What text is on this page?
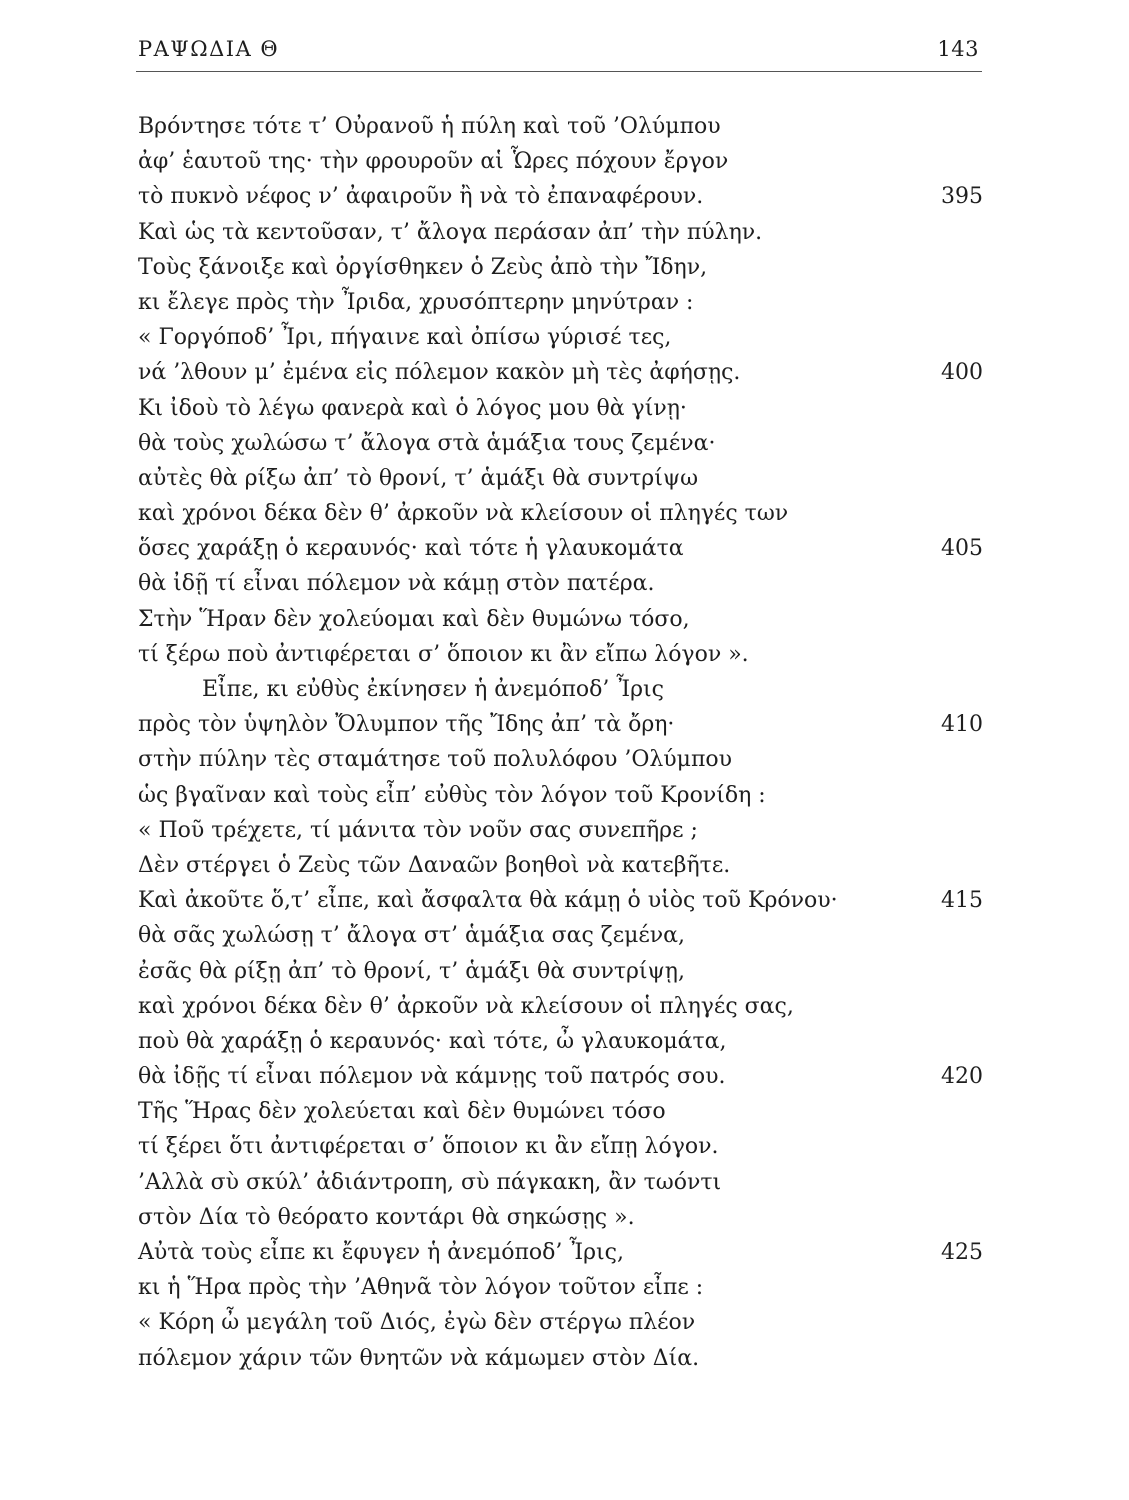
ΡΑΨΩΔΙΑ Θ	143
Βρόντησε τότε τ’ Οὐρανοῦ ἡ πύλη καὶ τοῦ ’Ολύμπου
ἀφ’ ἑαυτοῦ της· τὴν φρουροῦν αἱ Ὧρες πόχουν ἔργον
τὸ πυκνὸ νέφος ν’ ἀφαιροῦν ἢ νὰ τὸ ἐπαναφέρουν.	395
Καὶ ὡς τὰ κεντοῦσαν, τ’ ἄλογα περάσαν ἀπ’ τὴν πύλην.
Τοὺς ξάνοιξε καὶ ὀργίσθηκεν ὁ Ζεὺς ἀπὸ τὴν Ἴδην,
κι ἔλεγε πρὸς τὴν Ἶριδα, χρυσόπτερην μηνύτραν :
« Γοργόποδ’ Ἶρι, πήγαινε καὶ ὀπίσω γύρισέ τες,
νά ’λθουν μ’ ἐμένα εἰς πόλεμον κακὸν μὴ τὲς ἀφήσῃς.	400
Κι ἰδοὺ τὸ λέγω φανερὰ καὶ ὁ λόγος μου θὰ γίνῃ·
θὰ τοὺς χωλώσω τ’ ἄλογα στὰ ἁμάξια τους ζεμένα·
αὐτὲς θὰ ρίξω ἀπ’ τὸ θρονί, τ’ ἁμάξι θὰ συντρίψω
καὶ χρόνοι δέκα δὲν θ’ ἀρκοῦν νὰ κλείσουν οἱ πληγές των
ὅσες χαράξῃ ὁ κεραυνός· καὶ τότε ἡ γλαυκομάτα	405
θὰ ἰδῇ τί εἶναι πόλεμον νὰ κάμῃ στὸν πατέρα.
Στὴν Ἥραν δὲν χολεύομαι καὶ δὲν θυμώνω τόσο,
τί ξέρω ποὺ ἀντιφέρεται σ’ ὅποιον κι ἂν εἴπω λόγον ».
Εἶπε, κι εὐθὺς ἐκίνησεν ἡ ἀνεμόποδ’ Ἶρις
πρὸς τὸν ὑψηλὸν Ὄλυμπον τῆς Ἴδης ἀπ’ τὰ ὄρη·	410
στὴν πύλην τὲς σταμάτησε τοῦ πολυλόφου ’Ολύμπου
ὡς βγαῖναν καὶ τοὺς εἶπ’ εὐθὺς τὸν λόγον τοῦ Κρονίδη :
« Ποῦ τρέχετε, τί μάνιτα τὸν νοῦν σας συνεπῆρε ;
Δὲν στέργει ὁ Ζεὺς τῶν Δαναῶν βοηθοὶ νὰ κατεβῆτε.
Καὶ ἀκοῦτε ὅ,τ’ εἶπε, καὶ ἄσφαλτα θὰ κάμῃ ὁ υἱὸς τοῦ Κρόνου·	415
θὰ σᾶς χωλώσῃ τ’ ἄλογα στ’ ἁμάξια σας ζεμένα,
ἐσᾶς θὰ ρίξῃ ἀπ’ τὸ θρονί, τ’ ἁμάξι θὰ συντρίψῃ,
καὶ χρόνοι δέκα δὲν θ’ ἀρκοῦν νὰ κλείσουν οἱ πληγές σας,
ποὺ θὰ χαράξῃ ὁ κεραυνός· καὶ τότε, ὦ γλαυκομάτα,
θὰ ἰδῇς τί εἶναι πόλεμον νὰ κάμνῃς τοῦ πατρός σου.	420
Τῆς Ἥρας δὲν χολεύεται καὶ δὲν θυμώνει τόσο
τί ξέρει ὅτι ἀντιφέρεται σ’ ὅποιον κι ἂν εἴπῃ λόγον.
’Αλλὰ σὺ σκύλ’ ἀδιάντροπη, σὺ πάγκακη, ἂν τωόντι
στὸν Δία τὸ θεόρατο κοντάρι θὰ σηκώσῃς ».
Αὐτὰ τοὺς εἶπε κι ἔφυγεν ἡ ἀνεμόποδ’ Ἶρις,	425
κι ἡ Ἥρα πρὸς τὴν ’Αθηνᾶ τὸν λόγον τοῦτον εἶπε :
« Κόρη ὦ μεγάλη τοῦ Διός, ἐγὼ δὲν στέργω πλέον
πόλεμον χάριν τῶν θνητῶν νὰ κάμωμεν στὸν Δία.
